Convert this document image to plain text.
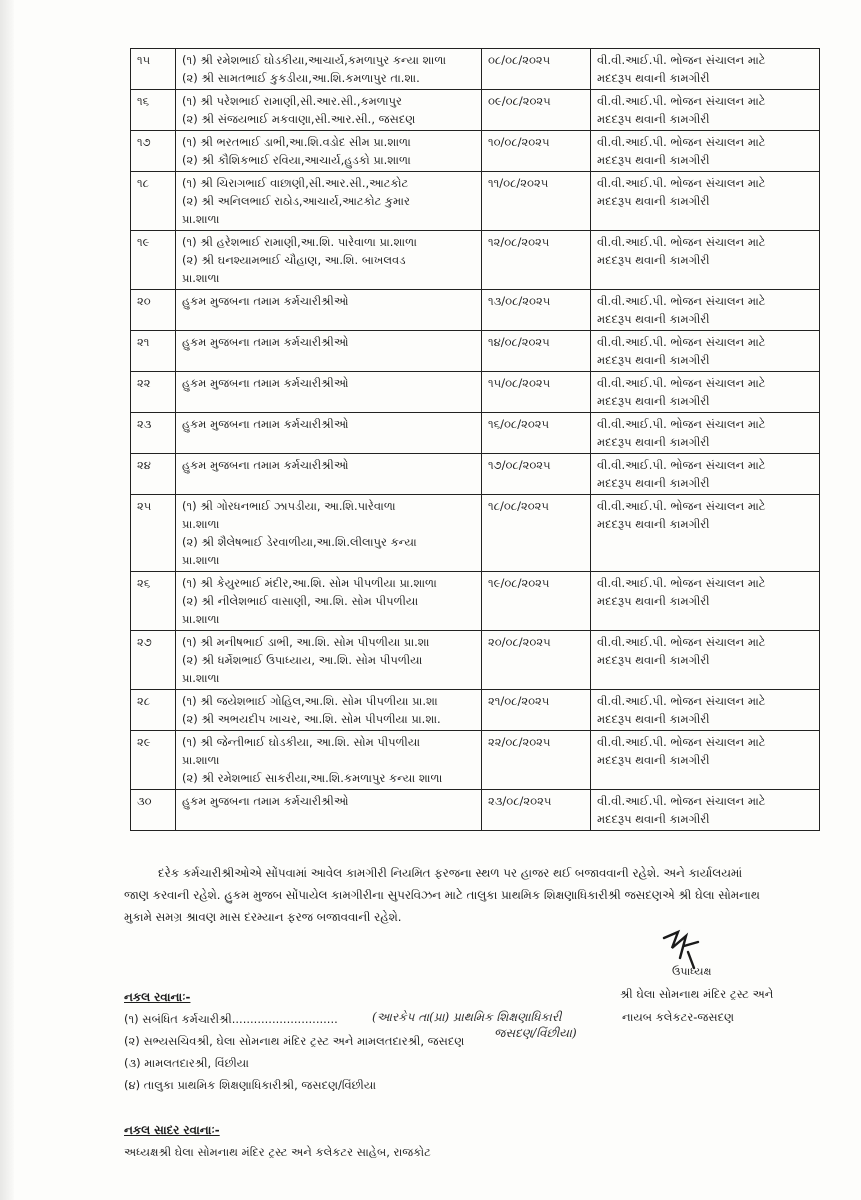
૧૫	(૧) શ્રી રમેશભાઈ ઘોડકીયા,આચાર્ય,કમળાપુર કન્યા શાળા
(૨) શ્રી સામતભાઈ કુકડીયા,આ.શિ.કમળાપુર તા.શા.
	૦૮/૦૮/૨૦૨૫	વી.વી.આઈ.પી. ભોજન સંચાલન માટે
મદદરૂપ થવાની કામગીરી

૧૬	(૧) શ્રી પરેશભાઈ રામાણી,સી.આર.સી.,કમળાપુર
(૨) શ્રી સંજયભાઈ મકવાણા,સી.આર.સી., જસદણ
	૦૯/૦૮/૨૦૨૫	વી.વી.આઈ.પી. ભોજન સંચાલન માટે
મદદરૂપ થવાની કામગીરી

૧૭	(૧) શ્રી ભરતભાઈ ડાભી,આ.શિ.વડોદ સીમ પ્રા.શાળા
(૨) શ્રી કૌશિકભાઈ રવિયા,આચાર્ય,હુડકો પ્રા.શાળા
	૧૦/૦૮/૨૦૨૫	વી.વી.આઈ.પી. ભોજન સંચાલન માટે
મદદરૂપ થવાની કામગીરી

૧૮	(૧) શ્રી ચિરાગભાઈ વાછાણી,સી.આર.સી.,આટકોટ
(૨) શ્રી અનિલભાઈ રાઠોડ,આચાર્ય,આટકોટ કુમાર
પ્રા.શાળા
	૧૧/૦૮/૨૦૨૫	વી.વી.આઈ.પી. ભોજન સંચાલન માટે
મદદરૂપ થવાની કામગીરી

૧૯	(૧) શ્રી હરેશભાઈ રામાણી,આ.શિ. પારેવાળા પ્રા.શાળા
(૨) શ્રી ઘનશ્યામભાઈ ચૌહાણ, આ.શિ. બાખલવડ
પ્રા.શાળા
	૧૨/૦૮/૨૦૨૫	વી.વી.આઈ.પી. ભોજન સંચાલન માટે
મદદરૂપ થવાની કામગીરી

૨૦	હુકમ મુજબના તમામ કર્મચારીશ્રીઓ	૧૩/૦૮/૨૦૨૫	વી.વી.આઈ.પી. ભોજન સંચાલન માટે
મદદરૂપ થવાની કામગીરી

૨૧	હુકમ મુજબના તમામ કર્મચારીશ્રીઓ	૧૪/૦૮/૨૦૨૫	વી.વી.આઈ.પી. ભોજન સંચાલન માટે
મદદરૂપ થવાની કામગીરી

૨૨	હુકમ મુજબના તમામ કર્મચારીશ્રીઓ	૧૫/૦૮/૨૦૨૫	વી.વી.આઈ.પી. ભોજન સંચાલન માટે
મદદરૂપ થવાની કામગીરી

૨૩	હુકમ મુજબના તમામ કર્મચારીશ્રીઓ	૧૬/૦૮/૨૦૨૫	વી.વી.આઈ.પી. ભોજન સંચાલન માટે
મદદરૂપ થવાની કામગીરી

૨૪	હુકમ મુજબના તમામ કર્મચારીશ્રીઓ	૧૭/૦૮/૨૦૨૫	વી.વી.આઈ.પી. ભોજન સંચાલન માટે
મદદરૂપ થવાની કામગીરી

૨૫	(૧) શ્રી ગોરધનભાઈ ઝાપડીયા, આ.શિ.પારેવાળા
પ્રા.શાળા
(૨) શ્રી શૈલેષભાઈ ડેરવાળીયા,આ.શિ.લીલાપુર કન્યા
પ્રા.શાળા
	૧૮/૦૮/૨૦૨૫	વી.વી.આઈ.પી. ભોજન સંચાલન માટે
મદદરૂપ થવાની કામગીરી

૨૬	(૧) શ્રી કેયુરભાઈ મંદીર,આ.શિ. સોમ પીપળીયા પ્રા.શાળા
(૨) શ્રી નીલેશભાઈ વાસાણી, આ.શિ. સોમ પીપળીયા
પ્રા.શાળા
	૧૯/૦૮/૨૦૨૫	વી.વી.આઈ.પી. ભોજન સંચાલન માટે
મદદરૂપ થવાની કામગીરી

૨૭	(૧) શ્રી મનીષભાઈ ડાભી, આ.શિ. સોમ પીપળીયા પ્રા.શા
(૨) શ્રી ધર્મેશભાઈ ઉપાધ્યાય, આ.શિ. સોમ પીપળીયા
પ્રા.શાળા
	૨૦/૦૮/૨૦૨૫	વી.વી.આઈ.પી. ભોજન સંચાલન માટે
મદદરૂપ થવાની કામગીરી

૨૮	(૧) શ્રી જયેશભાઈ ગોહિલ,આ.શિ. સોમ પીપળીયા પ્રા.શા
(૨) શ્રી અભયદીપ ખાચર, આ.શિ. સોમ પીપળીયા પ્રા.શા.
	૨૧/૦૮/૨૦૨૫	વી.વી.આઈ.પી. ભોજન સંચાલન માટે
મદદરૂપ થવાની કામગીરી

૨૯	(૧) શ્રી જેન્તીભાઈ ઘોડકીયા, આ.શિ. સોમ પીપળીયા
પ્રા.શાળા
(૨) શ્રી રમેશભાઈ સાકરીયા,આ.શિ.કમળાપુર કન્યા શાળા
	૨૨/૦૮/૨૦૨૫	વી.વી.આઈ.પી. ભોજન સંચાલન માટે
મદદરૂપ થવાની કામગીરી

૩૦	હુકમ મુજબના તમામ કર્મચારીશ્રીઓ	૨૩/૦૮/૨૦૨૫	વી.વી.આઈ.પી. ભોજન સંચાલન માટે
મદદરૂપ થવાની કામગીરી
દરેક કર્મચારીશ્રીઓએ સોંપવામાં આવેલ કામગીરી નિયમિત ફરજના સ્થળ પર હાજર થઈ બજાવવાની રહેશે. અને કાર્યાલયમાં
જાણ કરવાની રહેશે. હુકમ મુજબ સોંપાયેલ કામગીરીના સુપરવિઝન માટે તાલુકા પ્રાથમિક શિક્ષણાધિકારીશ્રી જસદણએ શ્રી ઘેલા સોમનાથ
મુકામે સમગ્ર શ્રાવણ માસ દરમ્યાન ફરજ બજાવવાની રહેશે.
ઉપાધ્યક્ષ
શ્રી ઘેલા સોમનાથ મંદિર ટ્રસ્ટ અને
નાયબ કલેકટર-જસદણ
નકલ રવાનાઃ-
(૧) સબંધિત કર્મચારીશ્રી.............................	(આરકેપ તા(પ્રા) પ્રાથમિક શિક્ષણાધિકારી
જસદણ/વિંછીયા)
(૨) સભ્યસચિવશ્રી, ઘેલા સોમનાથ મંદિર ટ્રસ્ટ અને મામલતદારશ્રી, જસદણ
(૩) મામલતદારશ્રી, વિંછીયા
(૪) તાલુકા પ્રાથમિક શિક્ષણાધિકારીશ્રી, જસદણ/વિંછીયા
નકલ સાદર રવાનાઃ-
અધ્યક્ષશ્રી ઘેલા સોમનાથ મંદિર ટ્રસ્ટ અને કલેકટર સાહેબ, રાજકોટ
